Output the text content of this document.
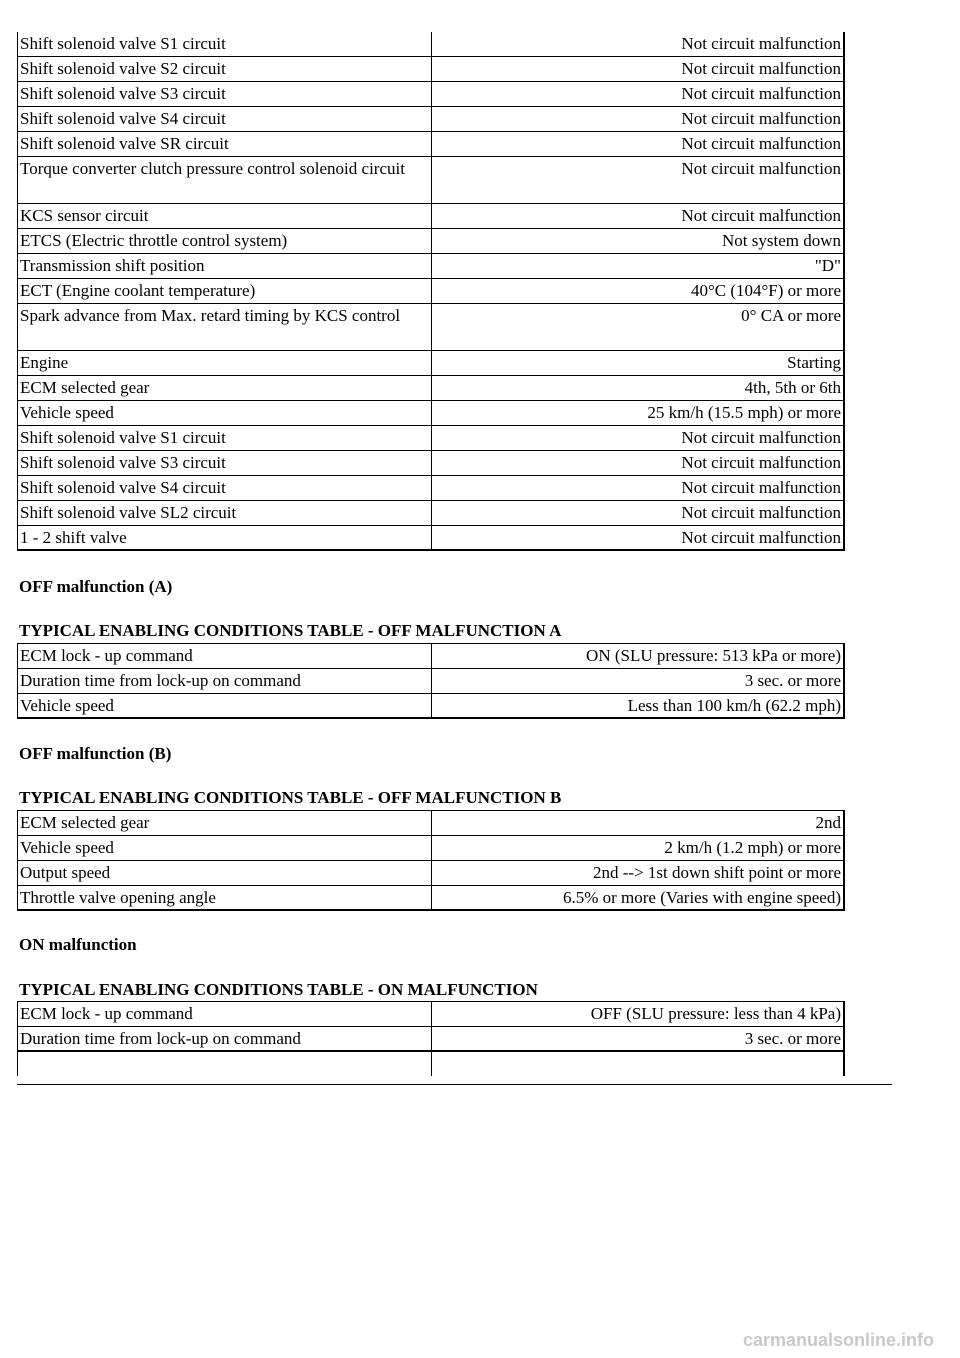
Shift solenoid valve S1 circuit	Not circuit malfunction
Shift solenoid valve S2 circuit	Not circuit malfunction
Shift solenoid valve S3 circuit	Not circuit malfunction
Shift solenoid valve S4 circuit	Not circuit malfunction
Shift solenoid valve SR circuit	Not circuit malfunction
Torque converter clutch pressure control solenoid circuit	Not circuit malfunction
KCS sensor circuit	Not circuit malfunction
ETCS (Electric throttle control system)	Not system down
Transmission shift position	"D"
ECT (Engine coolant temperature)	40°C (104°F) or more
Spark advance from Max. retard timing by KCS control	0° CA or more
Engine	Starting
ECM selected gear	4th, 5th or 6th
Vehicle speed	25 km/h (15.5 mph) or more
Shift solenoid valve S1 circuit	Not circuit malfunction
Shift solenoid valve S3 circuit	Not circuit malfunction
Shift solenoid valve S4 circuit	Not circuit malfunction
Shift solenoid valve SL2 circuit	Not circuit malfunction
1 - 2 shift valve	Not circuit malfunction

OFF malfunction (A)

TYPICAL ENABLING CONDITIONS TABLE - OFF MALFUNCTION A

ECM lock - up command	ON (SLU pressure: 513 kPa or more)
Duration time from lock-up on command	3 sec. or more
Vehicle speed	Less than 100 km/h (62.2 mph)

OFF malfunction (B)

TYPICAL ENABLING CONDITIONS TABLE - OFF MALFUNCTION B

ECM selected gear	2nd
Vehicle speed	2 km/h (1.2 mph) or more
Output speed	2nd --> 1st down shift point or more
Throttle valve opening angle	6.5% or more (Varies with engine speed)

ON malfunction

TYPICAL ENABLING CONDITIONS TABLE - ON MALFUNCTION

ECM lock - up command	OFF (SLU pressure: less than 4 kPa)
Duration time from lock-up on command	3 sec. or more
carmanualsonline.info
